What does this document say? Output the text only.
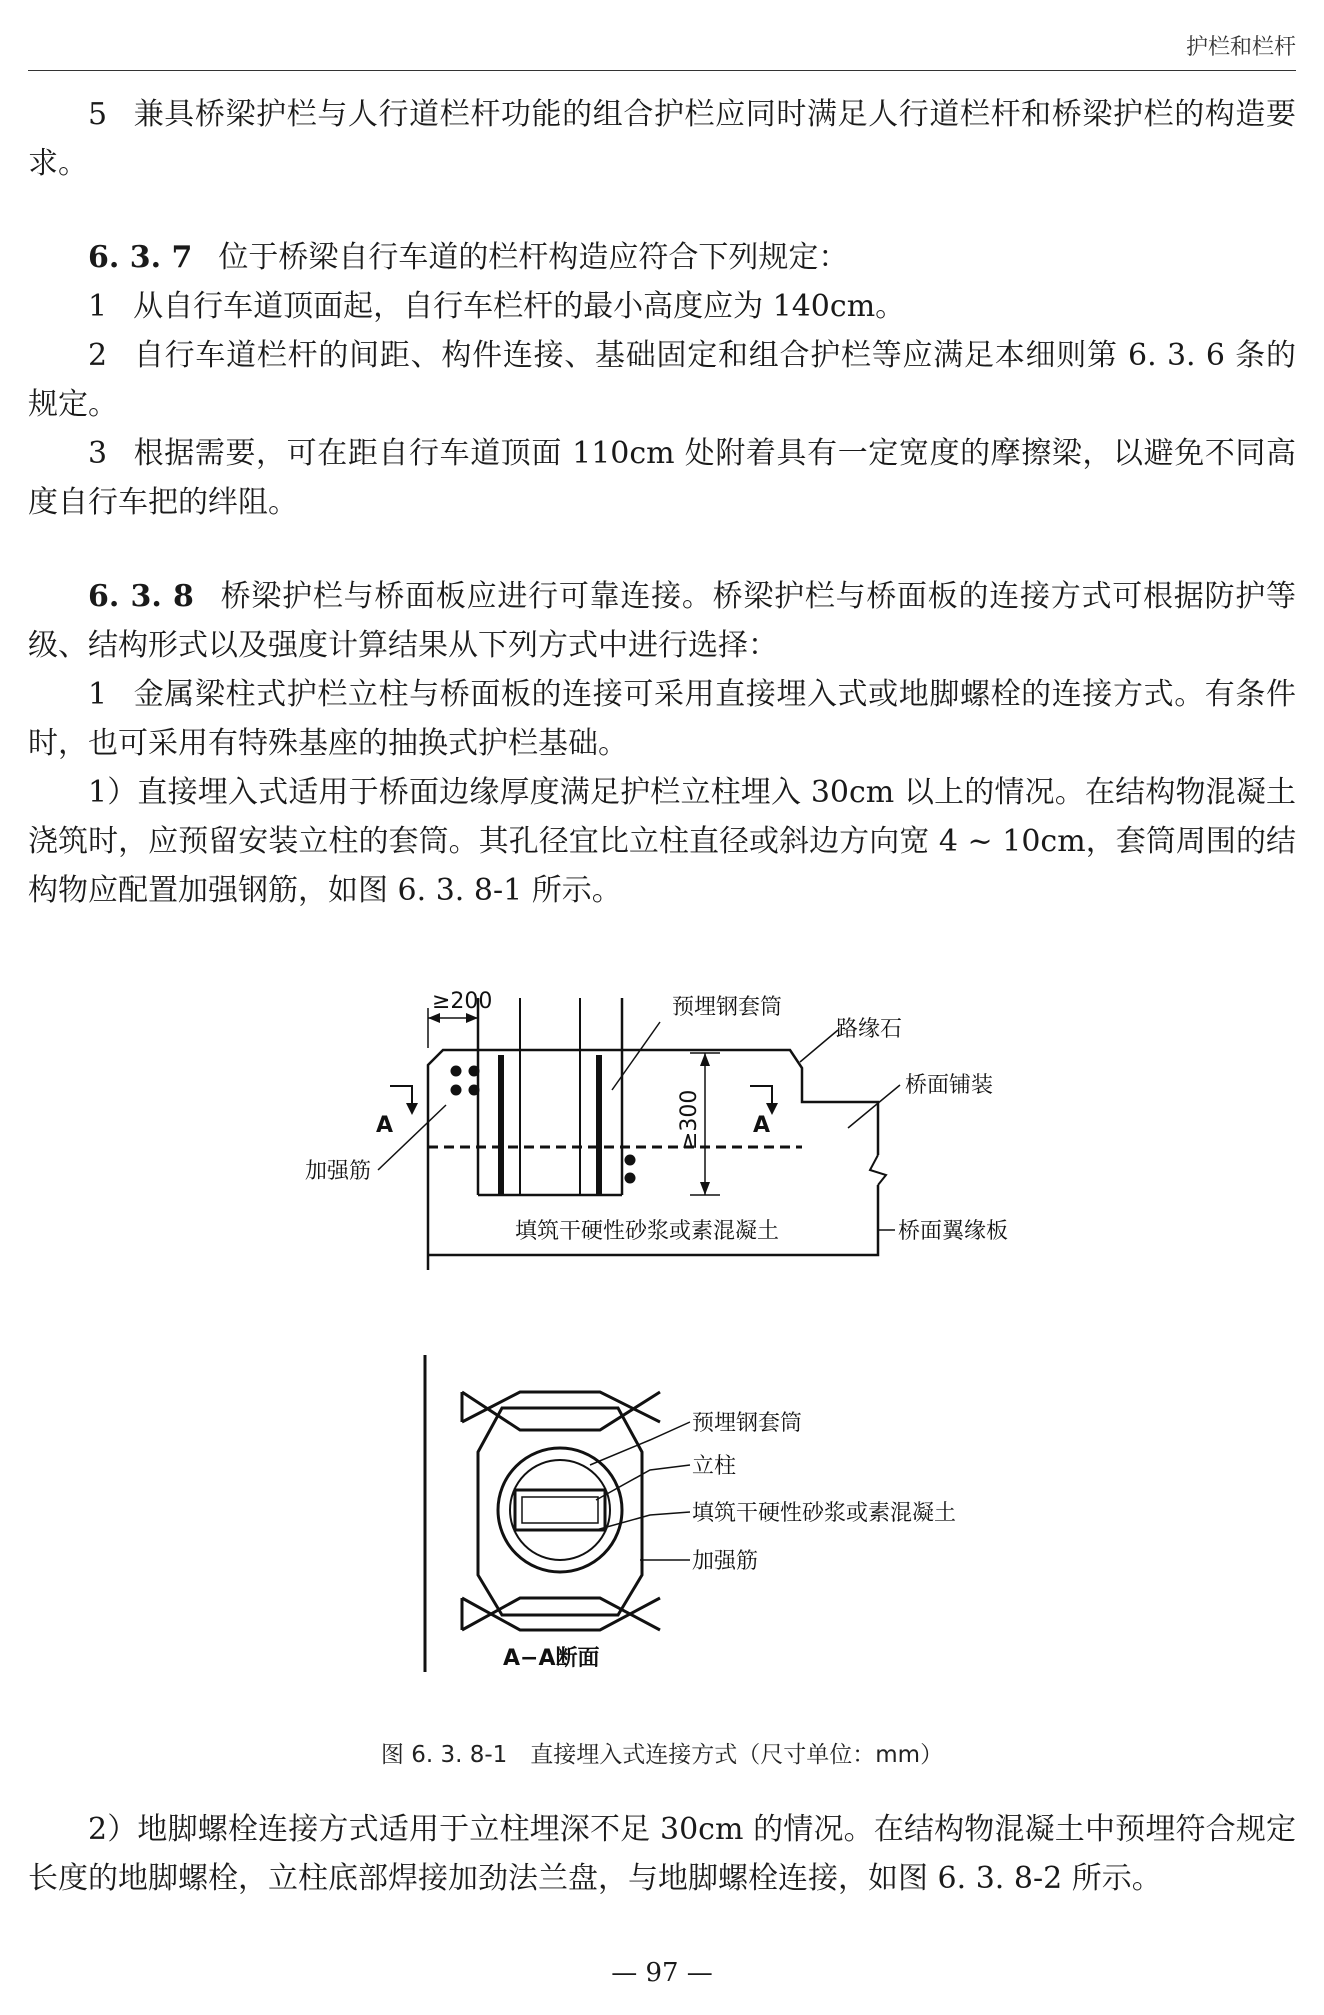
护栏和栏杆

5 兼具桥梁护栏与人行道栏杆功能的组合护栏应同时满足人行道栏杆和桥梁护栏的构造要求。

6. 3. 7 位于桥梁自行车道的栏杆构造应符合下列规定：

1 从自行车道顶面起，自行车栏杆的最小高度应为 140cm。

2 自行车道栏杆的间距、构件连接、基础固定和组合护栏等应满足本细则第 6. 3. 6 条的规定。

3 根据需要，可在距自行车道顶面 110cm 处附着具有一定宽度的摩擦梁，以避免不同高度自行车把的绊阻。

6. 3. 8 桥梁护栏与桥面板应进行可靠连接。桥梁护栏与桥面板的连接方式可根据防护等级、结构形式以及强度计算结果从下列方式中进行选择：

1 金属梁柱式护栏立柱与桥面板的连接可采用直接埋入式或地脚螺栓的连接方式。有条件时，也可采用有特殊基座的抽换式护栏基础。

1）直接埋入式适用于桥面边缘厚度满足护栏立柱埋入 30cm 以上的情况。在结构物混凝土浇筑时，应预留安装立柱的套筒。其孔径宜比立柱直径或斜边方向宽 4 ~ 10cm，套筒周围的结构物应配置加强钢筋，如图 6. 3. 8-1 所示。

≥200
≥300
预埋钢套筒
路缘石
桥面铺装
加强筋
填筑干硬性砂浆或素混凝土	桥面翼缘板
A	A
预埋钢套筒
立柱
填筑干硬性砂浆或素混凝土
加强筋
A−A断面
图 6. 3. 8-1　直接埋入式连接方式（尺寸单位：mm）

2）地脚螺栓连接方式适用于立柱埋深不足 30cm 的情况。在结构物混凝土中预埋符合规定长度的地脚螺栓，立柱底部焊接加劲法兰盘，与地脚螺栓连接，如图 6. 3. 8-2 所示。

— 97 —
